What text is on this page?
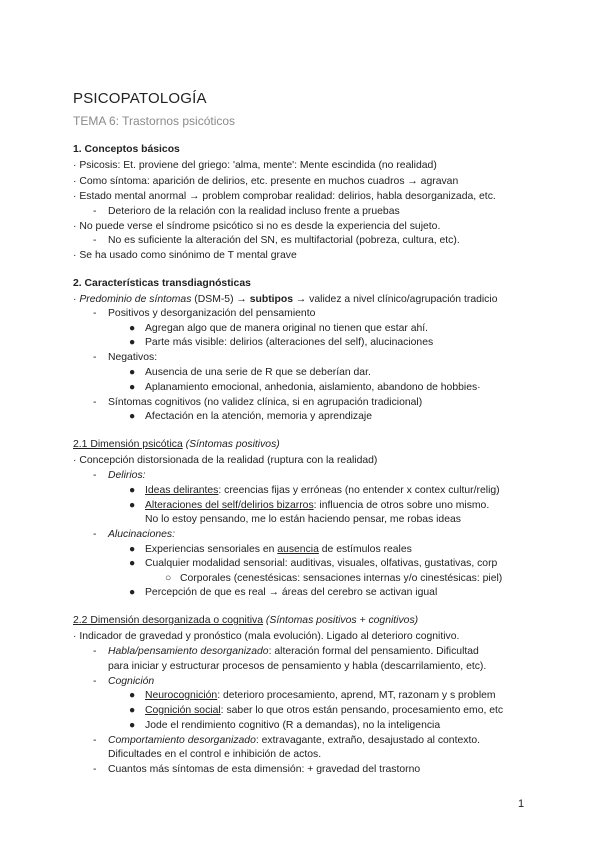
PSICOPATOLOGÍA
TEMA 6: Trastornos psicóticos
1. Conceptos básicos
· Psicosis: Et. proviene del griego: 'alma, mente': Mente escindida (no realidad)
· Como síntoma: aparición de delirios, etc. presente en muchos cuadros → agravan
· Estado mental anormal → problem comprobar realidad: delirios, habla desorganizada, etc.
- Deterioro de la relación con la realidad incluso frente a pruebas
· No puede verse el síndrome psicótico si no es desde la experiencia del sujeto.
- No es suficiente la alteración del SN, es multifactorial (pobreza, cultura, etc).
· Se ha usado como sinónimo de T mental grave
2. Características transdiagnósticas
· Predominio de síntomas (DSM-5) → subtipos → validez a nivel clínico/agrupación tradicio
- Positivos y desorganización del pensamiento
● Agregan algo que de manera original no tienen que estar ahí.
● Parte más visible: delirios (alteraciones del self), alucinaciones
- Negativos:
● Ausencia de una serie de R que se deberían dar.
● Aplanamiento emocional, anhedonia, aislamiento, abandono de hobbies·
- Síntomas cognitivos (no validez clínica, si en agrupación tradicional)
● Afectación en la atención, memoria y aprendizaje
2.1 Dimensión psicótica (Síntomas positivos)
· Concepción distorsionada de la realidad (ruptura con la realidad)
- Delirios:
● Ideas delirantes: creencias fijas y erróneas (no entender x contex cultur/relig)
● Alteraciones del self/delirios bizarros: influencia de otros sobre uno mismo.
No lo estoy pensando, me lo están haciendo pensar, me robas ideas
- Alucinaciones:
● Experiencias sensoriales en ausencia de estímulos reales
● Cualquier modalidad sensorial: auditivas, visuales, olfativas, gustativas, corp
○ Corporales (cenestésicas: sensaciones internas y/o cinestésicas: piel)
● Percepción de que es real → áreas del cerebro se activan igual
2.2 Dimensión desorganizada o cognitiva (Síntomas positivos + cognitivos)
· Indicador de gravedad y pronóstico (mala evolución). Ligado al deterioro cognitivo.
- Habla/pensamiento desorganizado: alteración formal del pensamiento. Dificultad
para iniciar y estructurar procesos de pensamiento y habla (descarrilamiento, etc).
- Cognición
● Neurocognición: deterioro procesamiento, aprend, MT, razonam y s problem
● Cognición social: saber lo que otros están pensando, procesamiento emo, etc
● Jode el rendimiento cognitivo (R a demandas), no la inteligencia
- Comportamiento desorganizado: extravagante, extraño, desajustado al contexto.
Dificultades en el control e inhibición de actos.
- Cuantos más síntomas de esta dimensión: + gravedad del trastorno
1
